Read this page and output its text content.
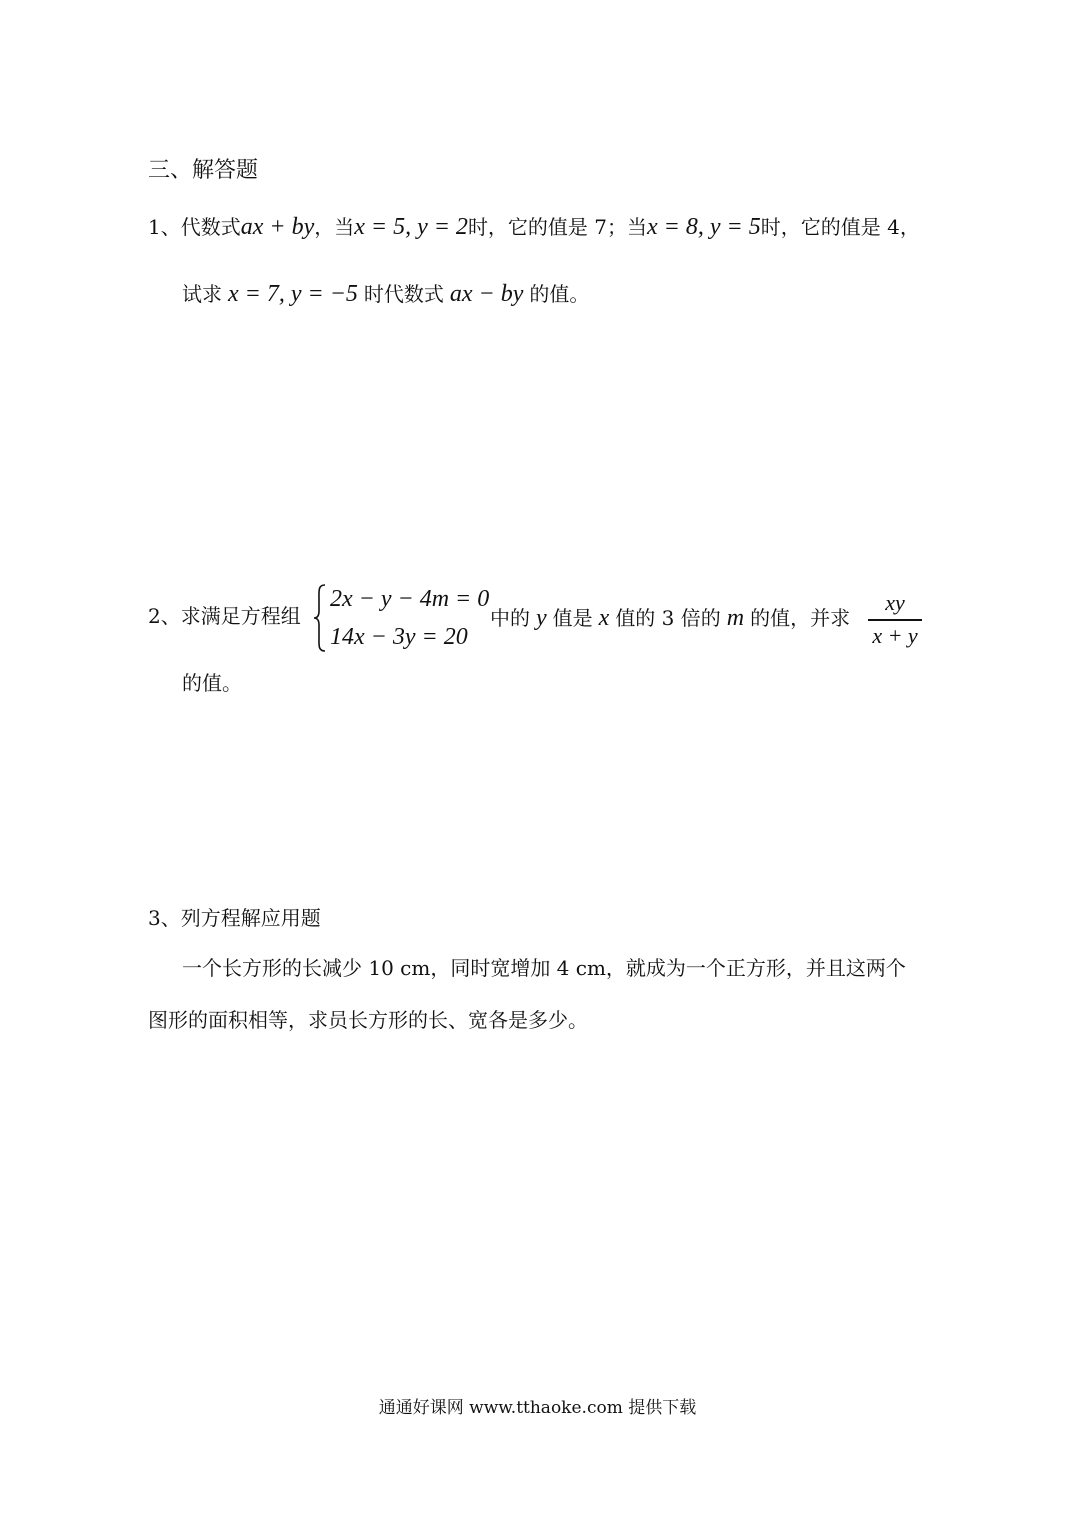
三、解答题
1、代数式ax + by，当x = 5, y = 2时，它的值是 7；当x = 8, y = 5时，它的值是 4，
试求 x = 7, y = −5 时代数式 ax − by 的值。
2、求满足方程组
2x − y − 4m = 0
14x − 3y = 20
中的 y 值是 x 值的 3 倍的 m 的值，并求
xy
x + y
的值。
3、列方程解应用题
一个长方形的长减少 10 cm，同时宽增加 4 cm，就成为一个正方形，并且这两个
图形的面积相等，求员长方形的长、宽各是多少。
通通好课网 www.tthaoke.com 提供下载
